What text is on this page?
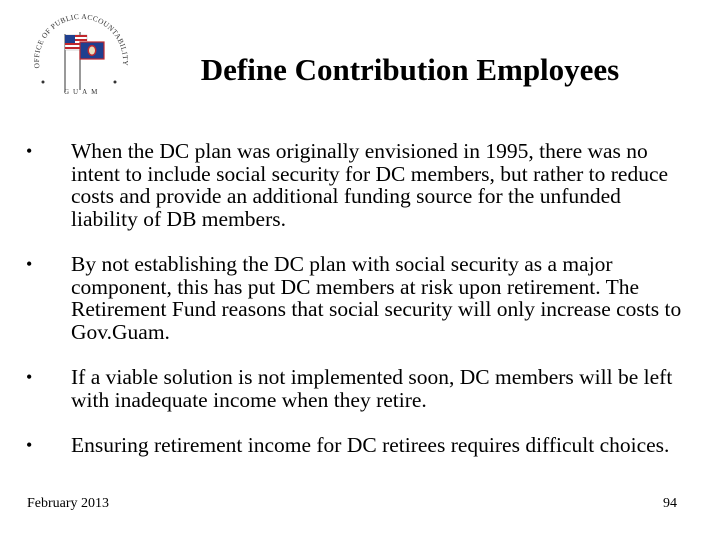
OFFICE OF PUBLIC ACCOUNTABILITY
GUAM
Define Contribution Employees
•	When the DC plan was originally envisioned in 1995, there was no intent to include social security for DC members, but rather to reduce costs and provide an additional funding source for the unfunded liability of DB members.
•	By not establishing the DC plan with social security as a major component, this has put DC members at risk upon retirement. The Retirement Fund reasons that social security will only increase costs to Gov.Guam.
•	If a viable solution is not implemented soon, DC members will be left with inadequate income when they retire.
•	Ensuring retirement income for DC retirees requires difficult choices.
February 2013	94
